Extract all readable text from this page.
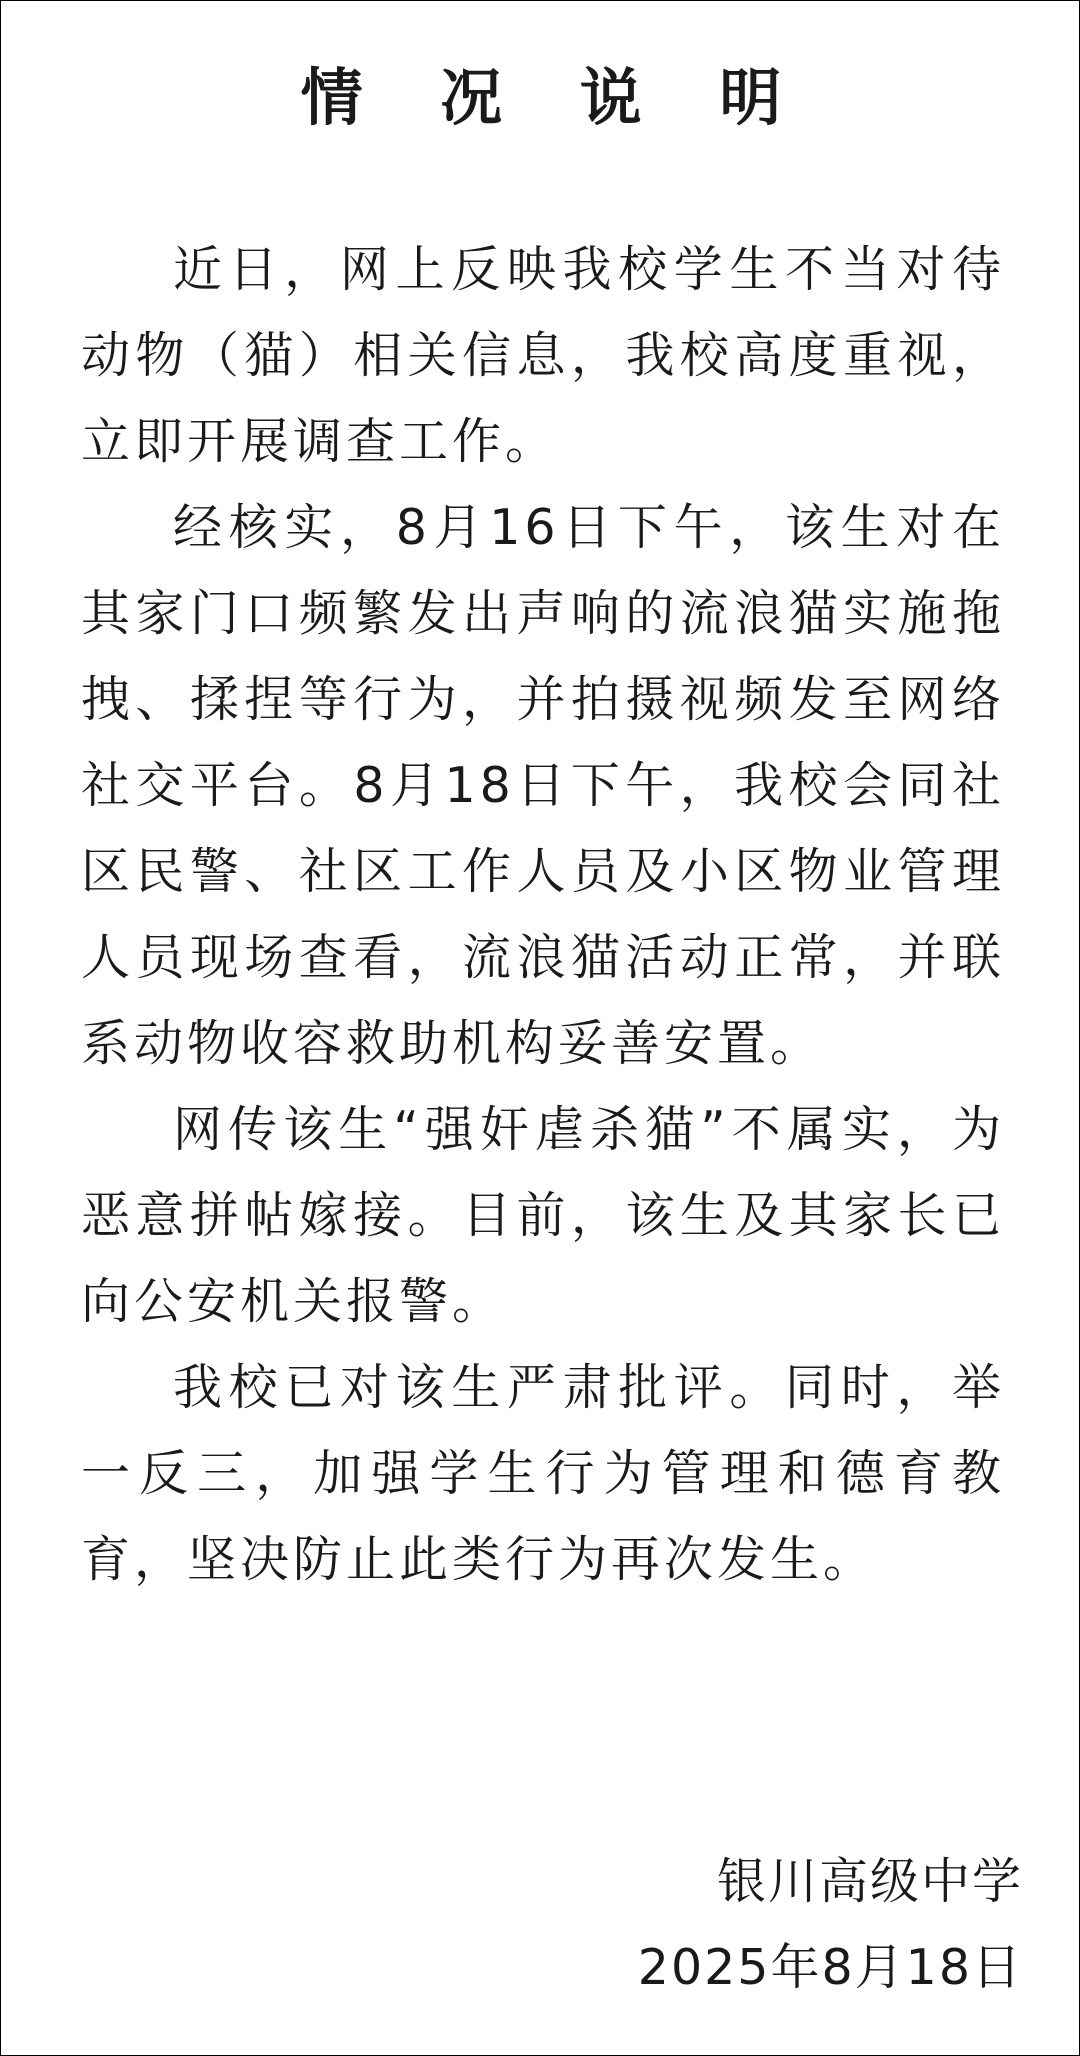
情 况 说 明

近日，网上反映我校学生不当对待动物（猫）相关信息，我校高度重视，立即开展调查工作。

经核实，8月16日下午，该生对在其家门口频繁发出声响的流浪猫实施拖拽、揉捏等行为，并拍摄视频发至网络社交平台。8月18日下午，我校会同社区民警、社区工作人员及小区物业管理人员现场查看，流浪猫活动正常，并联系动物收容救助机构妥善安置。

网传该生“强奸虐杀猫”不属实，为恶意拼帖嫁接。目前，该生及其家长已向公安机关报警。

我校已对该生严肃批评。同时，举一反三，加强学生行为管理和德育教育，坚决防止此类行为再次发生。

银川高级中学
2025年8月18日
